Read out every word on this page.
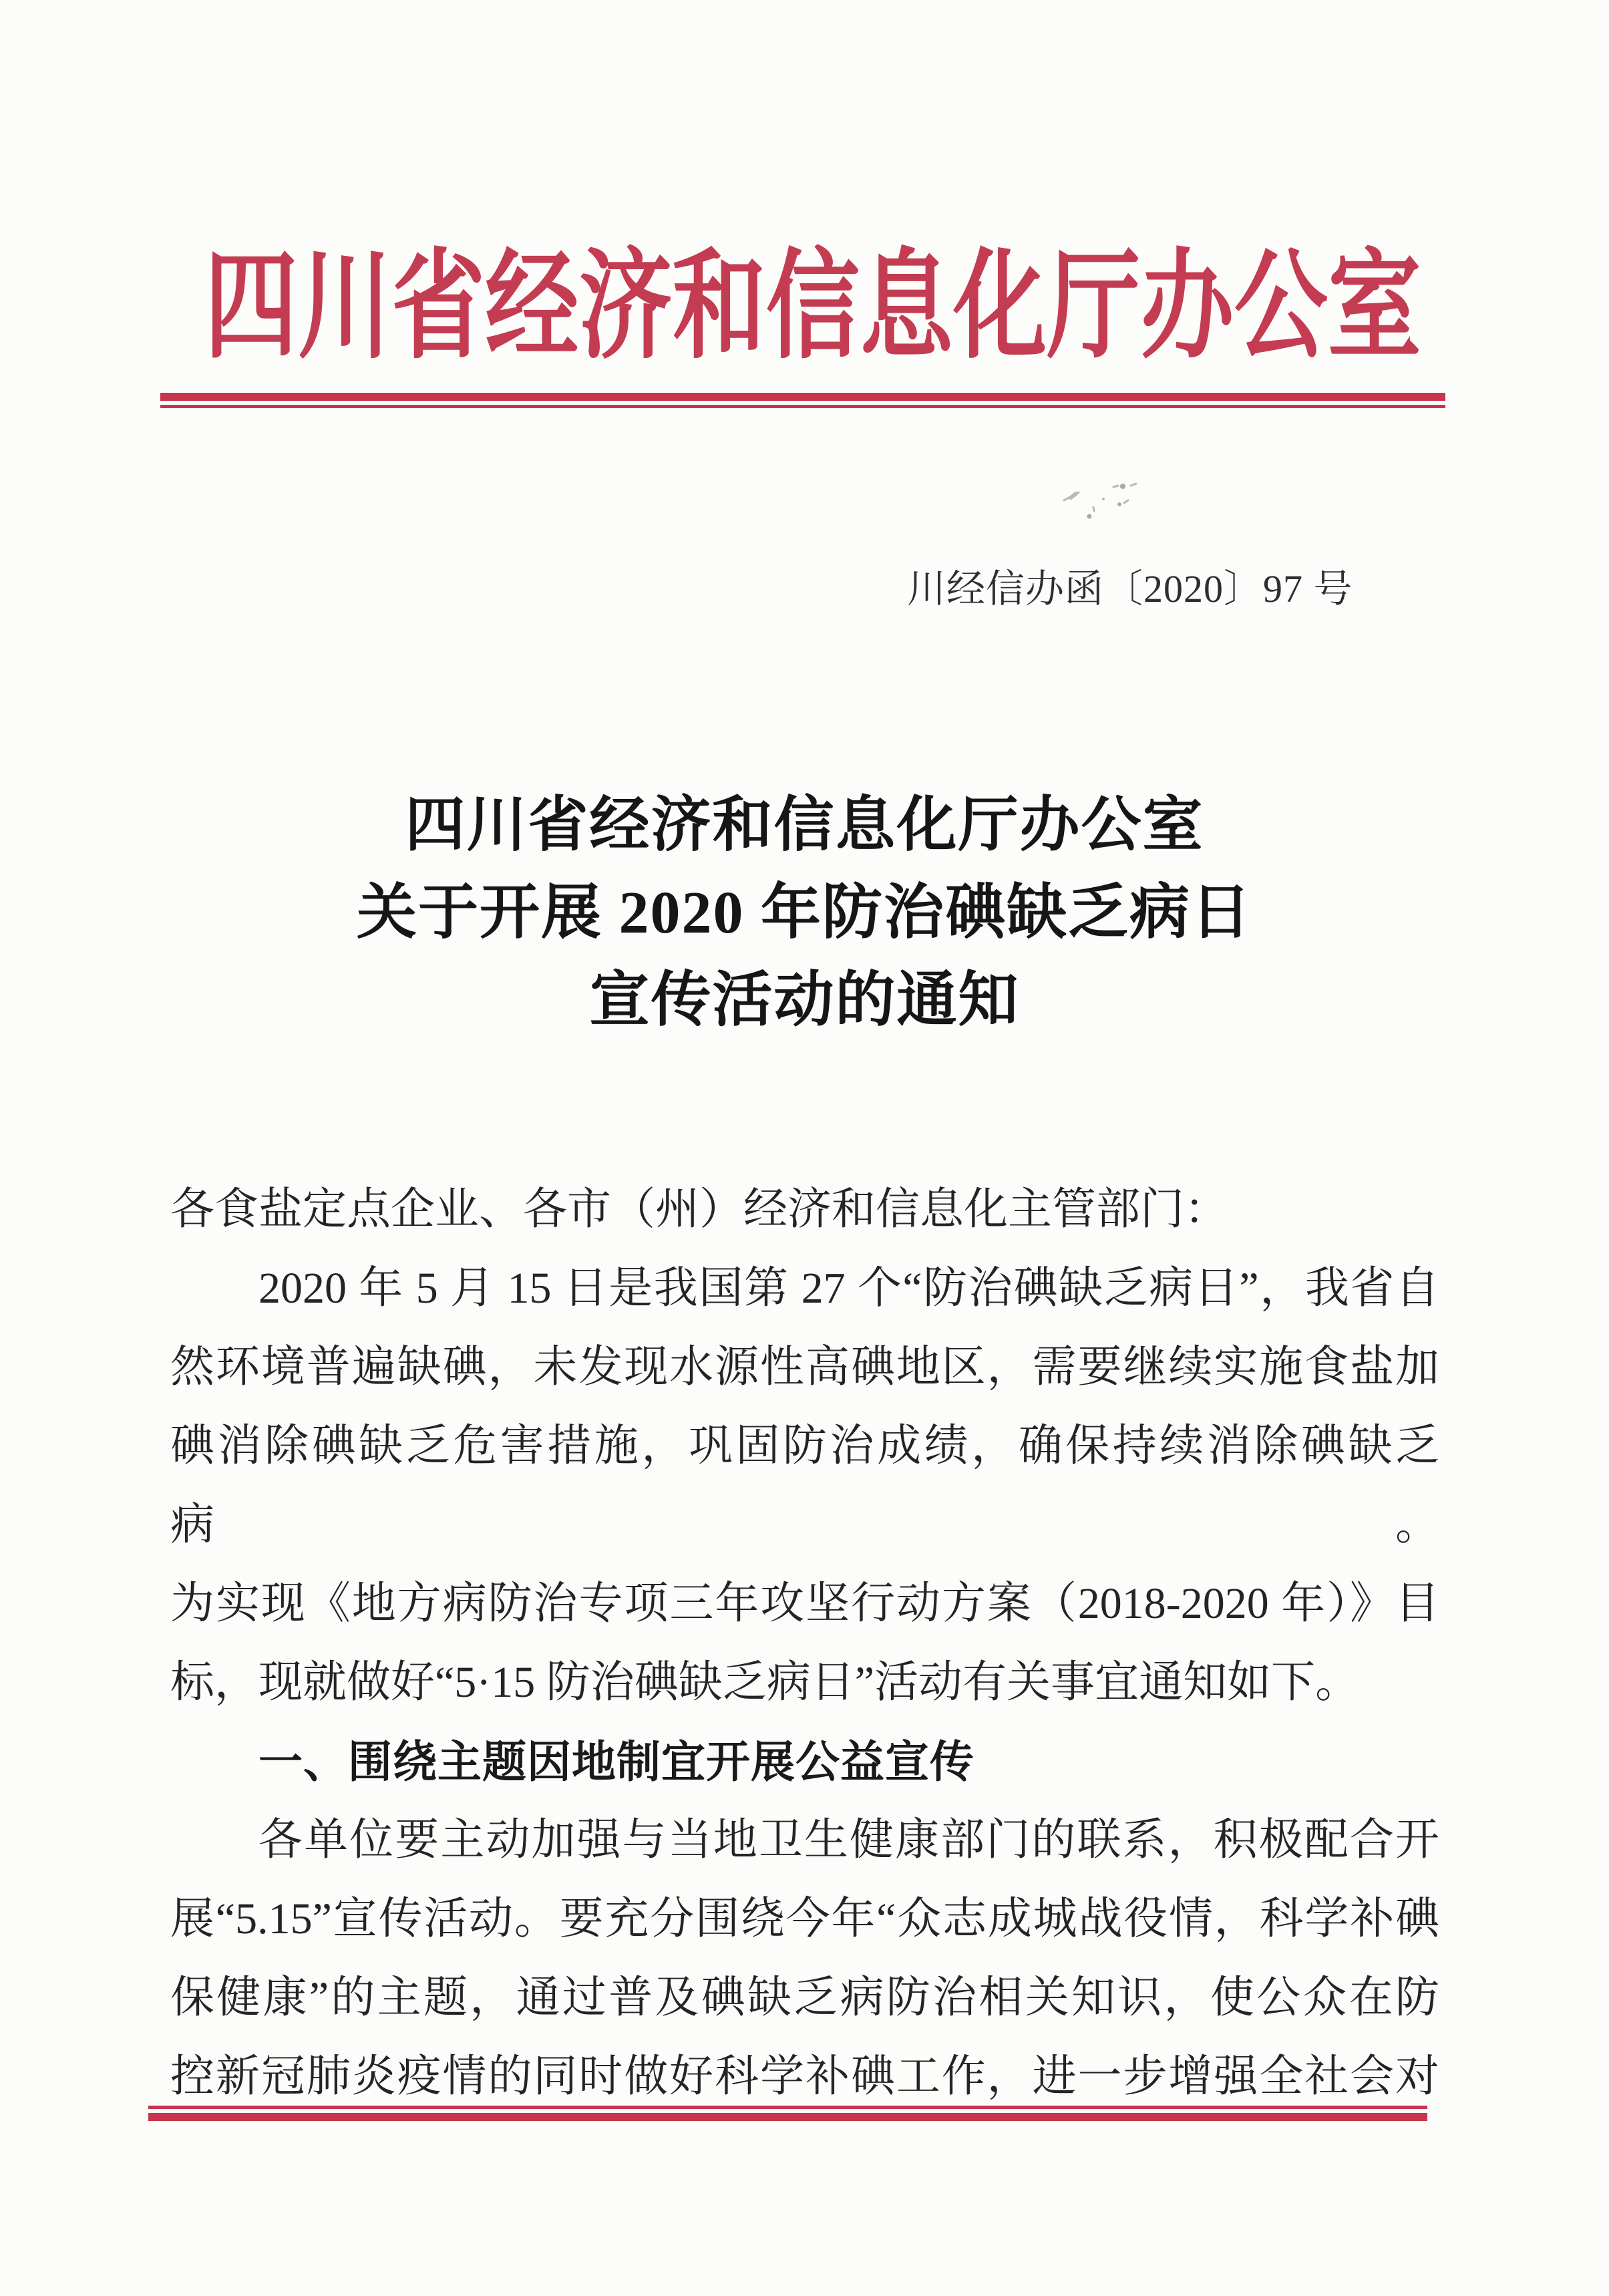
四 川 省 经 济 和 信 息 化 厅 办 公 室
川经信办函〔2020〕97 号
四川省经济和信息化厅办公室
关于开展 2020 年防治碘缺乏病日
宣传活动的通知
各食盐定点企业、各市（州）经济和信息化主管部门：
2020 年 5 月 15 日是我国第 27 个“防治碘缺乏病日”，我省自
然环境普遍缺碘，未发现水源性高碘地区，需要继续实施食盐加
碘消除碘缺乏危害措施，巩固防治成绩，确保持续消除碘缺乏病。
为实现《地方病防治专项三年攻坚行动方案（2018-2020 年）》目
标，现就做好“5·15 防治碘缺乏病日”活动有关事宜通知如下。
一、围绕主题因地制宜开展公益宣传
各单位要主动加强与当地卫生健康部门的联系，积极配合开
展“5.15”宣传活动。要充分围绕今年“众志成城战役情，科学补碘
保健康”的主题，通过普及碘缺乏病防治相关知识，使公众在防
控新冠肺炎疫情的同时做好科学补碘工作，进一步增强全社会对
